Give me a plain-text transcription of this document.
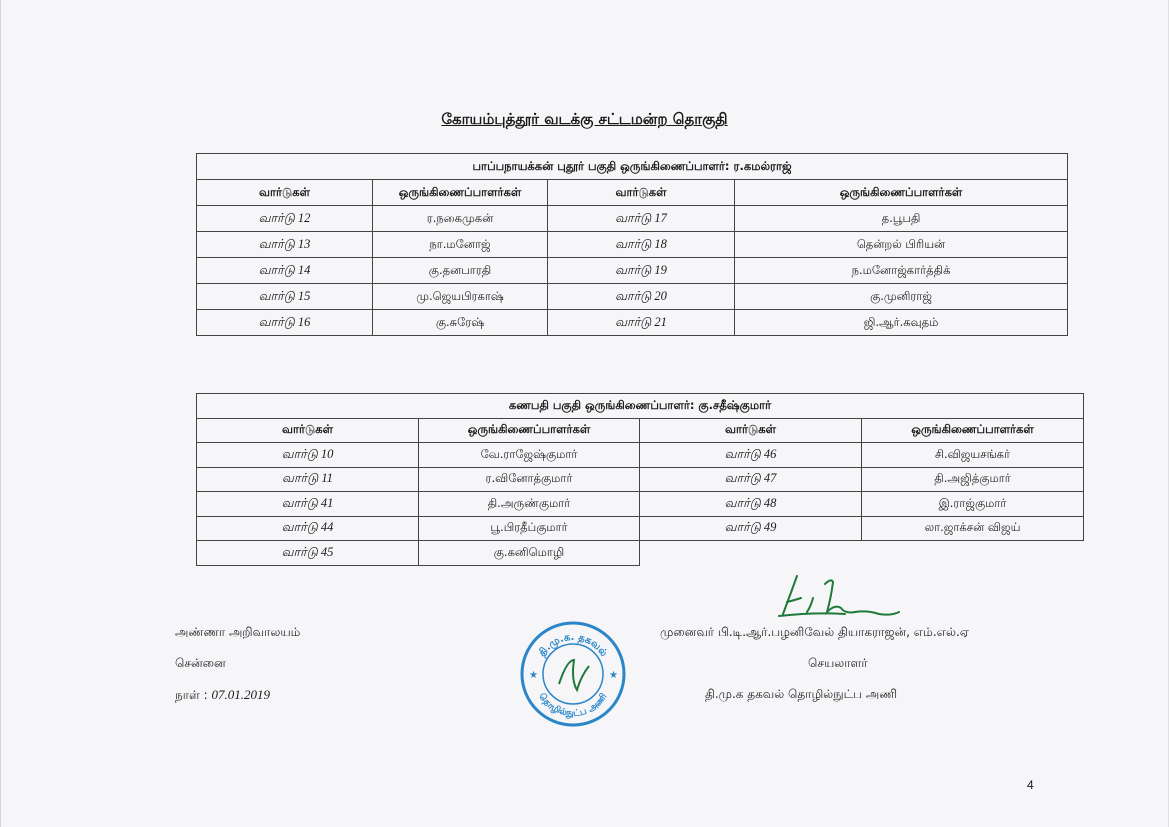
கோயம்புத்தூர் வடக்கு சட்டமன்ற தொகுதி
பாப்பநாயக்கன் புதூர் பகுதி ஒருங்கிணைப்பாளர்: ர.கமல்ராஜ்			
வார்டுகள்	ஒருங்கிணைப்பாளர்கள்	வார்டுகள்	ஒருங்கிணைப்பாளர்கள்
வார்டு 12	ர.நகைமுகன்	வார்டு 17	த.பூபதி
வார்டு 13	நா.மனோஜ்	வார்டு 18	தென்றல் பிரியன்
வார்டு 14	கு.தனபாரதி	வார்டு 19	ந.மனோஜ்கார்த்திக்
வார்டு 15	மு.ஜெயபிரகாஷ்	வார்டு 20	கு.முனிராஜ்
வார்டு 16	கு.சுரேஷ்	வார்டு 21	ஜி.ஆர்.கவுதம்
கணபதி பகுதி ஒருங்கிணைப்பாளர்: கு.சதீஷ்குமார்			
வார்டுகள்	ஒருங்கிணைப்பாளர்கள்	வார்டுகள்	ஒருங்கிணைப்பாளர்கள்
வார்டு 10	வே.ராஜேஷ்குமார்	வார்டு 46	சி.விஜயசங்கர்
வார்டு 11	ர.வினோத்குமார்	வார்டு 47	தி.அஜித்குமார்
வார்டு 41	தி.அருண்குமார்	வார்டு 48	இ.ராஜ்குமார்
வார்டு 44	பூ.பிரதீப்குமார்	வார்டு 49	லா.ஜாக்சன் விஜய்
வார்டு 45	கு.கனிமொழி		
அண்ணா அறிவாலயம்
சென்னை
நாள் : 07.01.2019
தி.மு.க. தகவல்
தொழில்நுட்ப அணி
★	★
முனைவர் பி.டி.ஆர்.பழனிவேல் தியாகராஜன், எம்.எல்.ஏ
செயலாளர்
தி.மு.க தகவல் தொழில்நுட்ப அணி
4
